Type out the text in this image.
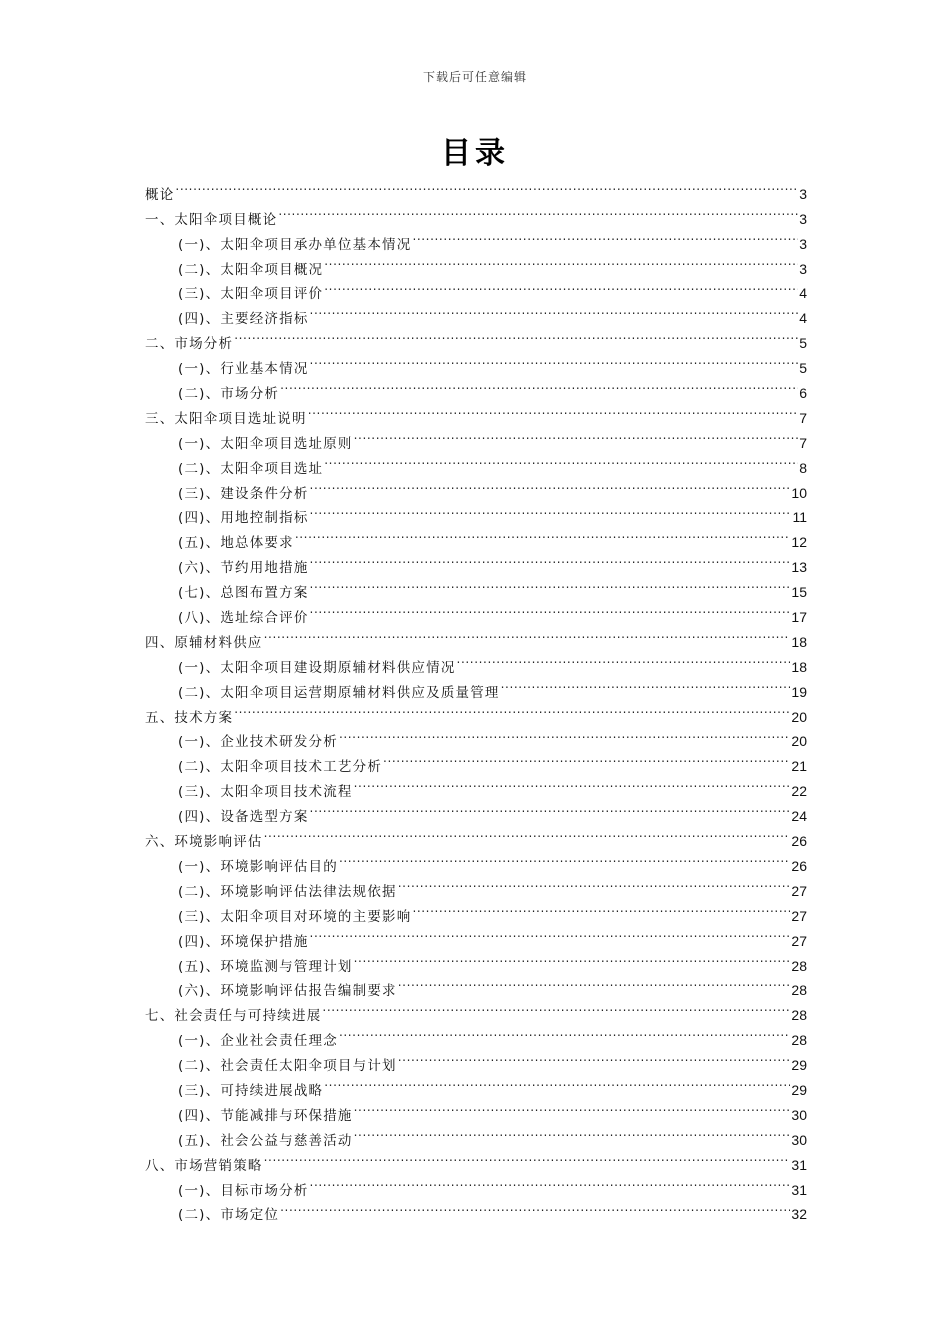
下载后可任意编辑
目录
概论 .....	3
一、太阳伞项目概论 .....	3
(一)、太阳伞项目承办单位基本情况 .....	3
(二)、太阳伞项目概况 .....	3
(三)、太阳伞项目评价 .....	4
(四)、主要经济指标 .....	4
二、市场分析 .....	5
(一)、行业基本情况 .....	5
(二)、市场分析 .....	6
三、太阳伞项目选址说明 .....	7
(一)、太阳伞项目选址原则 .....	7
(二)、太阳伞项目选址 .....	8
(三)、建设条件分析 .....	10
(四)、用地控制指标 .....	11
(五)、地总体要求 .....	12
(六)、节约用地措施 .....	13
(七)、总图布置方案 .....	15
(八)、选址综合评价 .....	17
四、原辅材料供应 .....	18
(一)、太阳伞项目建设期原辅材料供应情况 .....	18
(二)、太阳伞项目运营期原辅材料供应及质量管理 .....	19
五、技术方案 .....	20
(一)、企业技术研发分析 .....	20
(二)、太阳伞项目技术工艺分析 .....	21
(三)、太阳伞项目技术流程 .....	22
(四)、设备选型方案 .....	24
六、环境影响评估 .....	26
(一)、环境影响评估目的 .....	26
(二)、环境影响评估法律法规依据 .....	27
(三)、太阳伞项目对环境的主要影响 .....	27
(四)、环境保护措施 .....	27
(五)、环境监测与管理计划 .....	28
(六)、环境影响评估报告编制要求 .....	28
七、社会责任与可持续进展 .....	28
(一)、企业社会责任理念 .....	28
(二)、社会责任太阳伞项目与计划 .....	29
(三)、可持续进展战略 .....	29
(四)、节能减排与环保措施 .....	30
(五)、社会公益与慈善活动 .....	30
八、市场营销策略 .....	31
(一)、目标市场分析 .....	31
(二)、市场定位 .....	32
